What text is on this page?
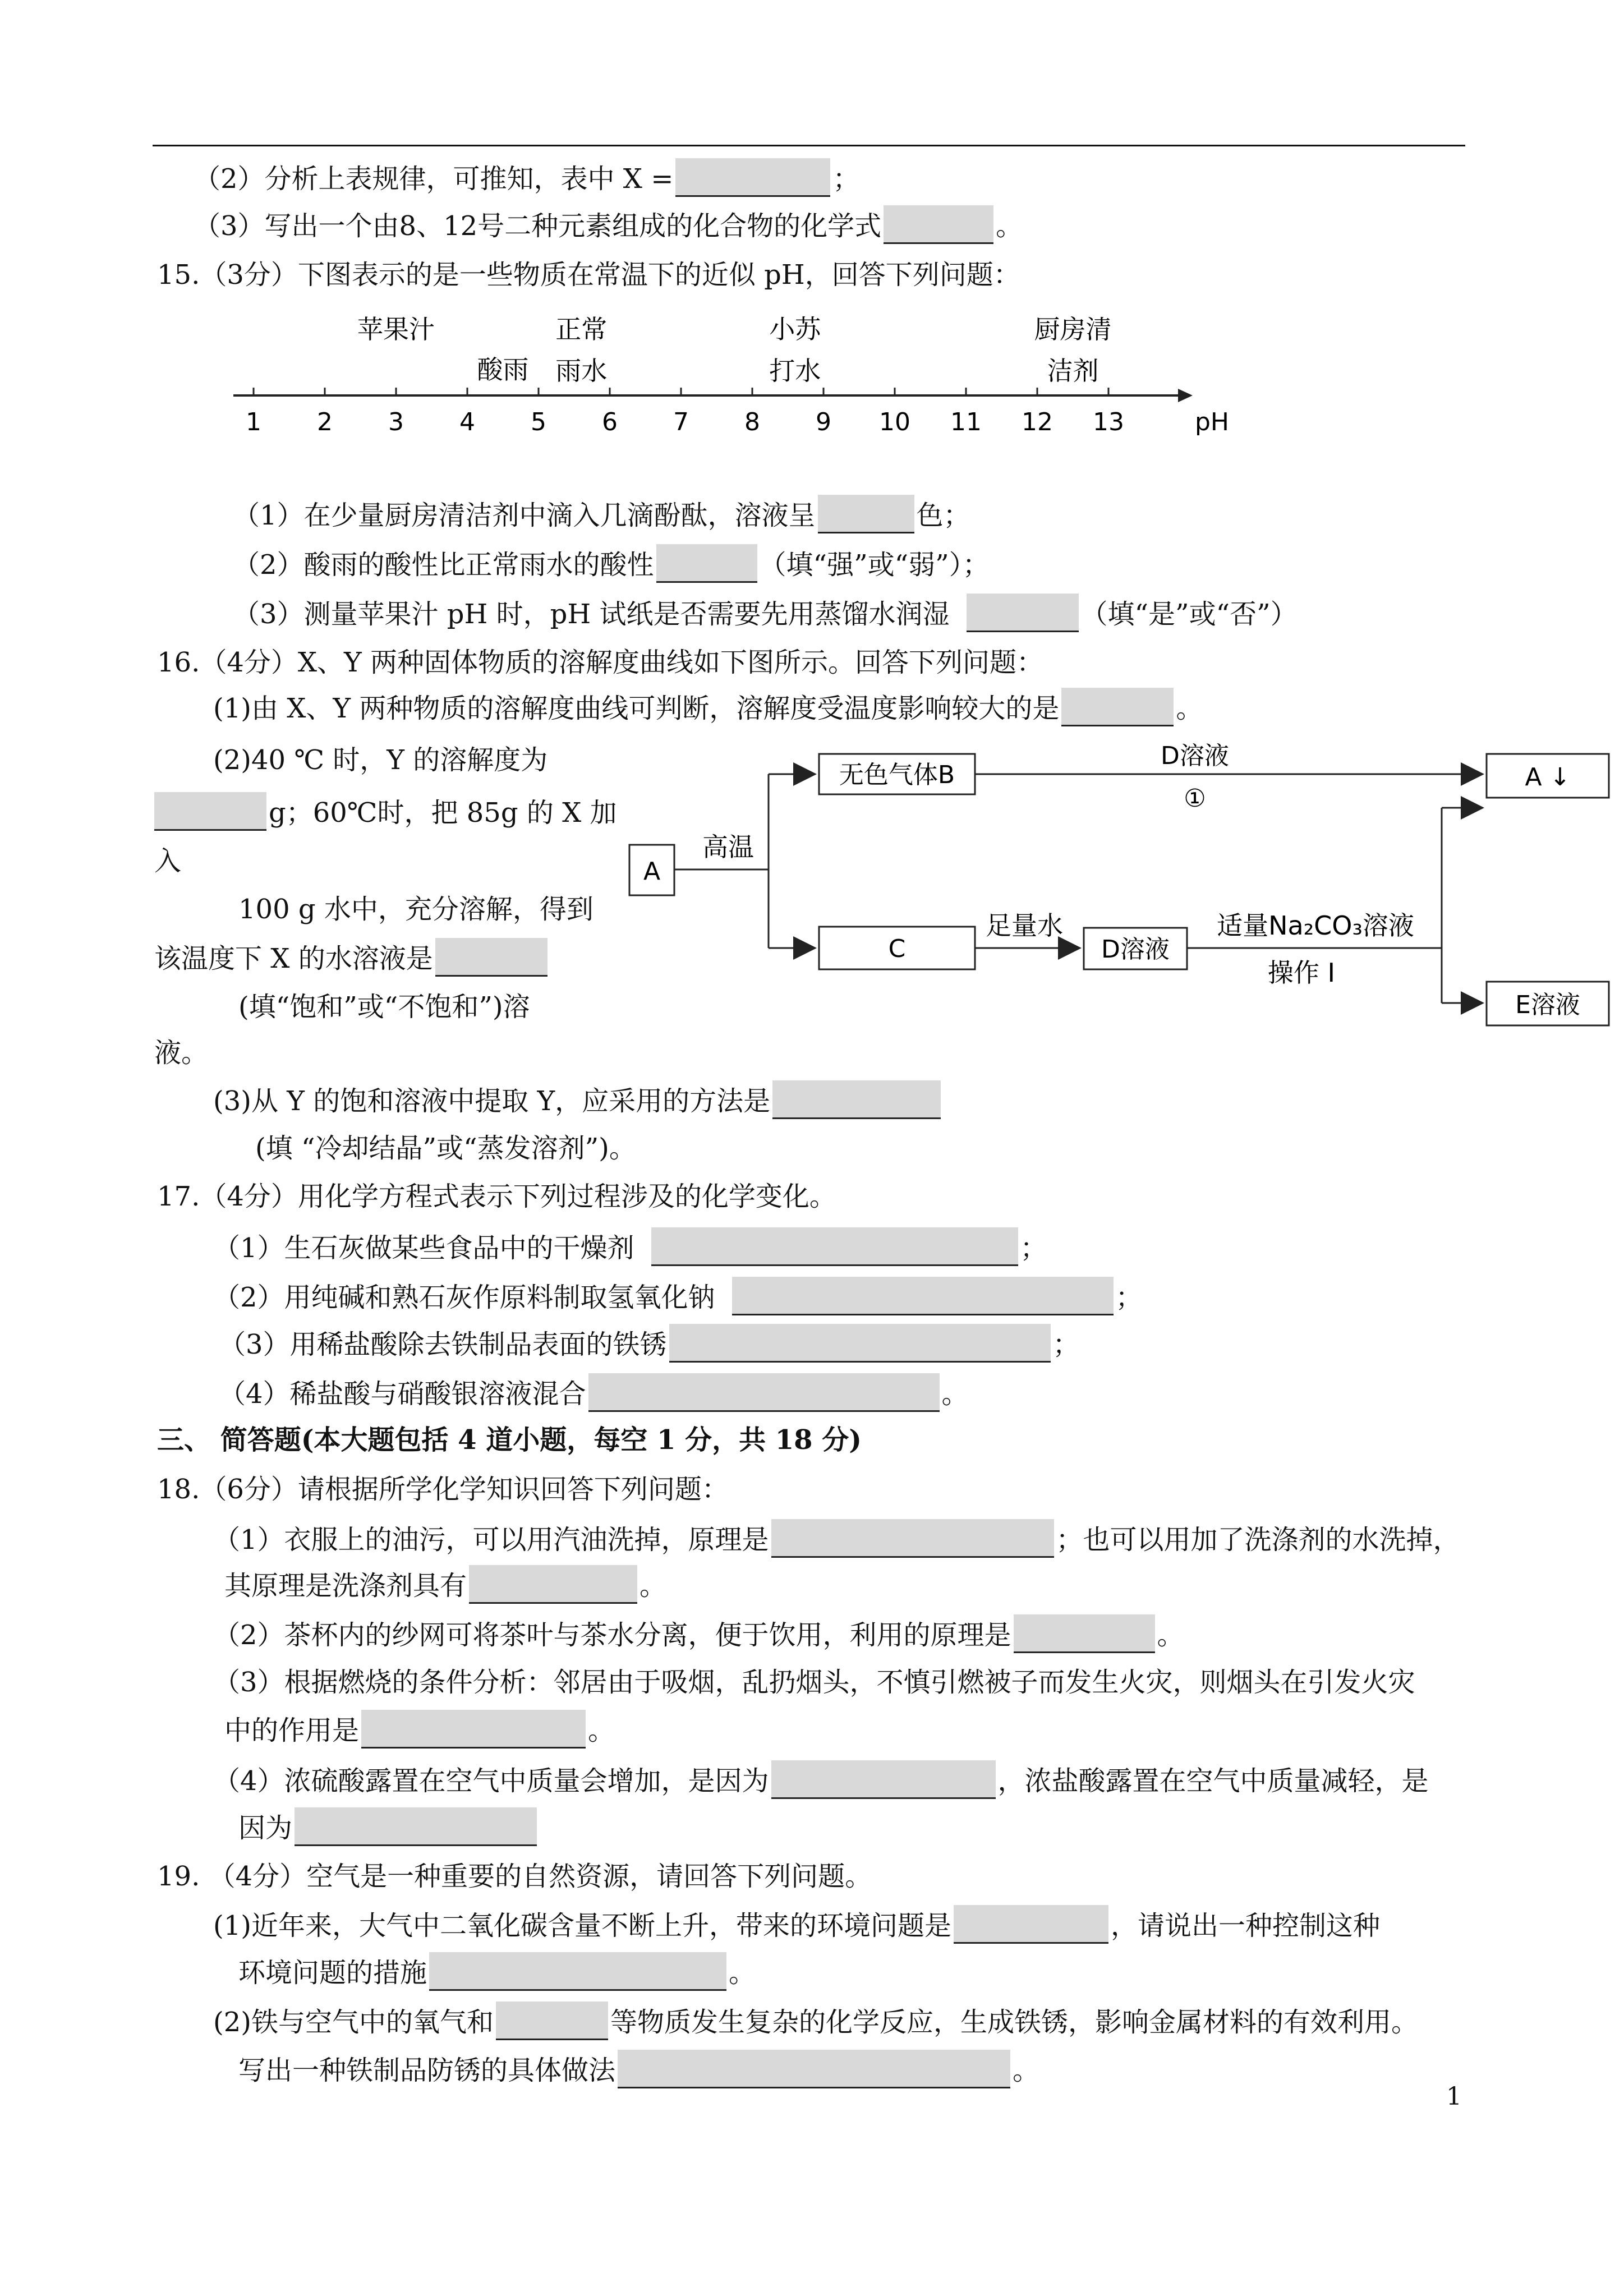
（2）分析上表规律，可推知，表中 X =	；
（3）写出一个由8、12号二种元素组成的化合物的化学式	。
15.（3分）下图表示的是一些物质在常温下的近似 pH，回答下列问题：
1 2 3 4 5 6 7 8 9 10 11 12 13	pH
苹果汁
酸雨
正常
雨水
小苏
打水
厨房清
洁剂
（1）在少量厨房清洁剂中滴入几滴酚酞，溶液呈	色；
（2）酸雨的酸性比正常雨水的酸性	（填“强”或“弱”）；
（3）测量苹果汁 pH 时，pH 试纸是否需要先用蒸馏水润湿	（填“是”或“否”）
16.（4分）X、Y 两种固体物质的溶解度曲线如下图所示。回答下列问题：
(1)由 X、Y 两种物质的溶解度曲线可判断，溶解度受温度影响较大的是	。
(2)40 ℃ 时，Y 的溶解度为
g；60℃时，把 85g 的 X 加
入
100 g 水中，充分溶解，得到
该温度下 X 的水溶液是
(填“饱和”或“不饱和”)溶
液。
(3)从 Y 的饱和溶液中提取 Y，应采用的方法是
(填 “冷却结晶”或“蒸发溶剂”)。
A
高温
无色气体B
D溶液
①
A ↓
C
足量水
D溶液
适量Na₂CO₃溶液
操作 I
E溶液
17.（4分）用化学方程式表示下列过程涉及的化学变化。
（1）生石灰做某些食品中的干燥剂	；
（2）用纯碱和熟石灰作原料制取氢氧化钠	；
（3）用稀盐酸除去铁制品表面的铁锈	；
（4）稀盐酸与硝酸银溶液混合	。
三、 简答题(本大题包括 4 道小题，每空 1 分，共 18 分)
18.（6分）请根据所学化学知识回答下列问题：
（1）衣服上的油污，可以用汽油洗掉，原理是	；也可以用加了洗涤剂的水洗掉，
其原理是洗涤剂具有	。
（2）茶杯内的纱网可将茶叶与茶水分离，便于饮用，利用的原理是	。
（3）根据燃烧的条件分析：邻居由于吸烟，乱扔烟头，不慎引燃被子而发生火灾，则烟头在引发火灾
中的作用是	。
（4）浓硫酸露置在空气中质量会增加，是因为	，浓盐酸露置在空气中质量减轻，是
因为
19. （4分）空气是一种重要的自然资源，请回答下列问题。
(1)近年来，大气中二氧化碳含量不断上升，带来的环境问题是	，请说出一种控制这种
环境问题的措施	。
(2)铁与空气中的氧气和	等物质发生复杂的化学反应，生成铁锈，影响金属材料的有效利用。
写出一种铁制品防锈的具体做法	。
1
